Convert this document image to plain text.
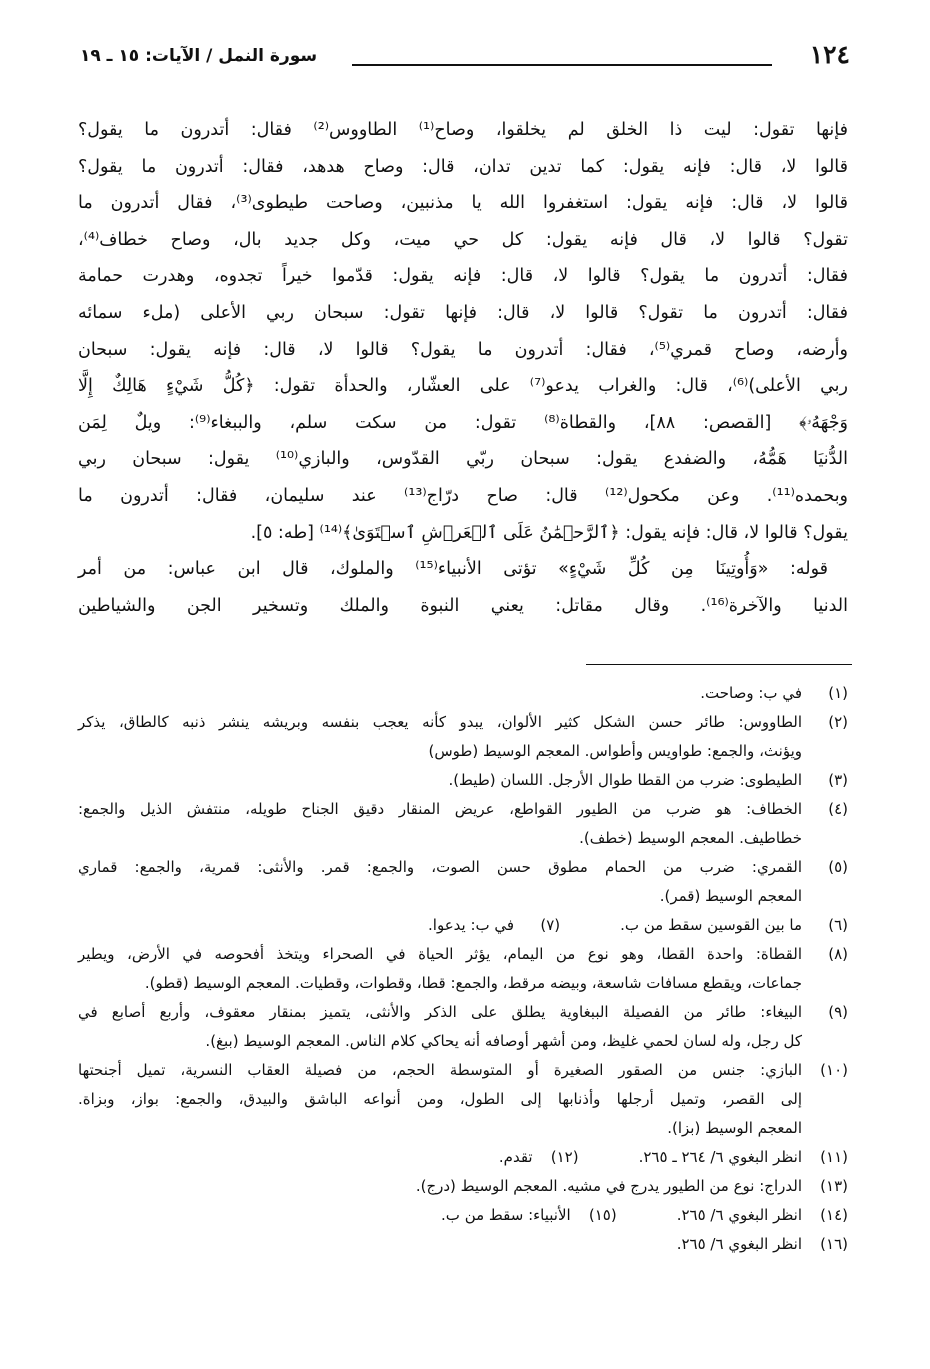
١٢٤
سورة النمل / الآيات: ١٥ ـ ١٩

فإنها تقول: ليت ذا الخلق لم يخلقوا، وصاح⁽¹⁾ الطاووس⁽²⁾ فقال: أتدرون ما يقول؟

قالوا لا، قال: فإنه يقول: كما تدين تدان، قال: وصاح هدهد، فقال: أتدرون ما يقول؟

قالوا لا، قال: فإنه يقول: استغفروا الله يا مذنبين، وصاحت طيطوى⁽³⁾، فقال أتدرون ما

تقول؟ قالوا لا، قال فإنه يقول: كل حي ميت، وكل جديد بال، وصاح خطاف⁽⁴⁾،

فقال: أتدرون ما يقول؟ قالوا لا، قال: فإنه يقول: قدّموا خيراً تجدوه، وهدرت حمامة

فقال: أتدرون ما تقول؟ قالوا لا، قال: فإنها تقول: سبحان ربي الأعلى (ملء سمائه

وأرضه، وصاح قمري⁽⁵⁾، فقال: أتدرون ما يقول؟ قالوا لا، قال: فإنه يقول: سبحان

ربي الأعلى)⁽⁶⁾، قال: والغراب يدعو⁽⁷⁾ على العشّار، والحدأة تقول: ﴿كُلُّ شَيْءٍ هَالِكٌ إِلَّا

وَجْهَهُۥ﴾ [القصص: ٨٨]، والقطاة⁽⁸⁾ تقول: من سكت سلم، والببغاء⁽⁹⁾: ويلٌ لِمَن

الدُّنيَا هَمُّهُ، والضفدع يقول: سبحان ربّي القدّوس، والبازي⁽¹⁰⁾ يقول: سبحان ربي

وبحمده⁽¹¹⁾. وعن مكحول⁽¹²⁾ قال: صاح درّاج⁽¹³⁾ عند سليمان، فقال: أتدرون ما

يقول؟ قالوا لا، قال: فإنه يقول: ﴿ٱلرَّحۡمَٰنُ عَلَى ٱلۡعَرۡشِ ٱسۡتَوَىٰ﴾⁽¹⁴⁾ [طه: ٥].

قوله: «وَأُوتِينَا مِن كُلِّ شَيْءٍ» تؤتى الأنبياء⁽¹⁵⁾ والملوك، قال ابن عباس: من أمر

الدنيا والآخرة⁽¹⁶⁾. وقال مقاتل: يعني النبوة والملك وتسخير الجن والشياطين

(١)
في ب: وصاحت.
(٢)
الطاووس: طائر حسن الشكل كثير الألوان، يبدو كأنه يعجب بنفسه وبريشه ينشر ذنبه كالطاق، يذكر
ويؤنث، والجمع: طواويس وأطواس. المعجم الوسيط (طوس)
(٣)
الطيطوى: ضرب من القطا طوال الأرجل. اللسان (طيط).
(٤)
الخطاف: هو ضرب من الطيور القواطع، عريض المنقار دقيق الجناح طويله، منتفش الذيل والجمع:
خطاطيف. المعجم الوسيط (خطف).
(٥)
القمري: ضرب من الحمام مطوق حسن الصوت، والجمع: قمر. والأنثى: قمرية، والجمع: قماري
المعجم الوسيط (قمر).
(٦)
ما بين القوسين سقط من ب.
(٧)
في ب: يدعوا.
(٨)
القطاة: واحدة القطا، وهو نوع من اليمام، يؤثر الحياة في الصحراء ويتخذ أفحوصه في الأرض، ويطير
جماعات، ويقطع مسافات شاسعة، وبيضه مرقط، والجمع: قطا، وقطوات، وقطيات. المعجم الوسيط (قطو).
(٩)
البيغاء: طائر من الفصيلة الببغاوية يطلق على الذكر والأنثى، يتميز بمنقار معقوف، وأربع أصابع في
كل رجل، وله لسان لحمي غليظ، ومن أشهر أوصافه أنه يحاكي كلام الناس. المعجم الوسيط (ببغ).
(١٠)
البازي: جنس من الصقور الصغيرة أو المتوسطة الحجم، من فصيلة العقاب النسرية، تميل أجنحتها
إلى القصر، وتميل أرجلها وأذنابها إلى الطول، ومن أنواعه الباشق والبيدق، والجمع: بواز، وبزاة.
المعجم الوسيط (بزا).
(١١)
انظر البغوي ٦/ ٢٦٤ ـ ٢٦٥.
(١٢)
تقدم.
(١٣)
الدراج: نوع من الطيور يدرج في مشيه. المعجم الوسيط (درج).
(١٤)
انظر البغوي ٦/ ٢٦٥.
(١٥)
الأنبياء: سقط من ب.
(١٦)
انظر البغوي ٦/ ٢٦٥.
